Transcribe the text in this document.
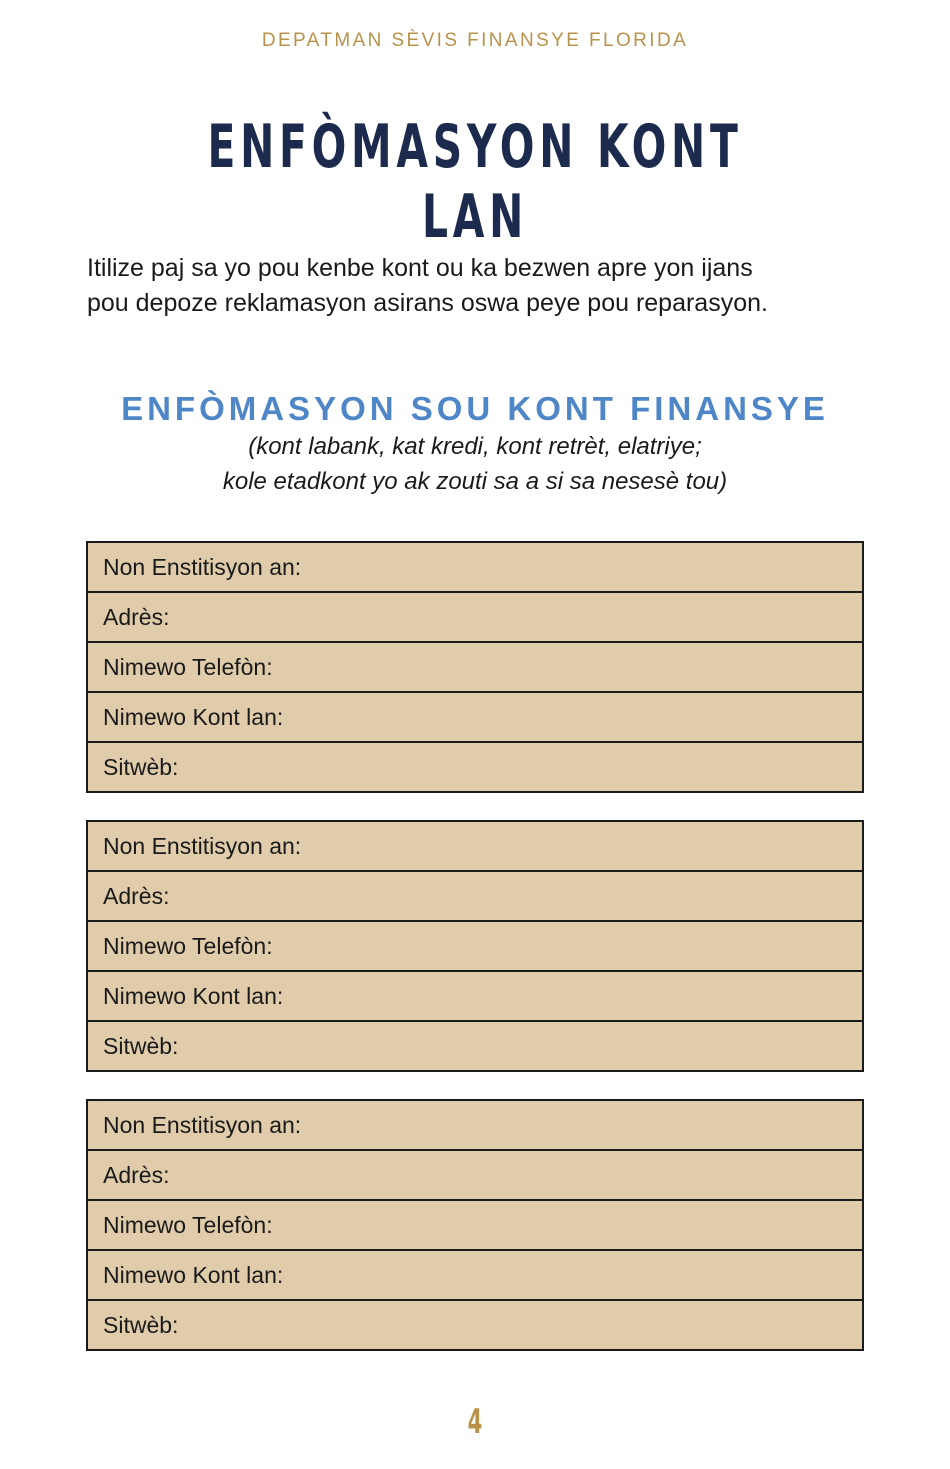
DEPATMAN SÈVIS FINANSYE FLORIDA
ENFÒMASYON KONT LAN
Itilize paj sa yo pou kenbe kont ou ka bezwen apre yon ijans
pou depoze reklamasyon asirans oswa peye pou reparasyon.
ENFÒMASYON SOU KONT FINANSYE
(kont labank, kat kredi, kont retrèt, elatriye;
kole etadkont yo ak zouti sa a si sa nesesè tou)
Non Enstitisyon an:
Adrès:
Nimewo Telefòn:
Nimewo Kont lan:
Sitwèb:
Non Enstitisyon an:
Adrès:
Nimewo Telefòn:
Nimewo Kont lan:
Sitwèb:
Non Enstitisyon an:
Adrès:
Nimewo Telefòn:
Nimewo Kont lan:
Sitwèb:
4
